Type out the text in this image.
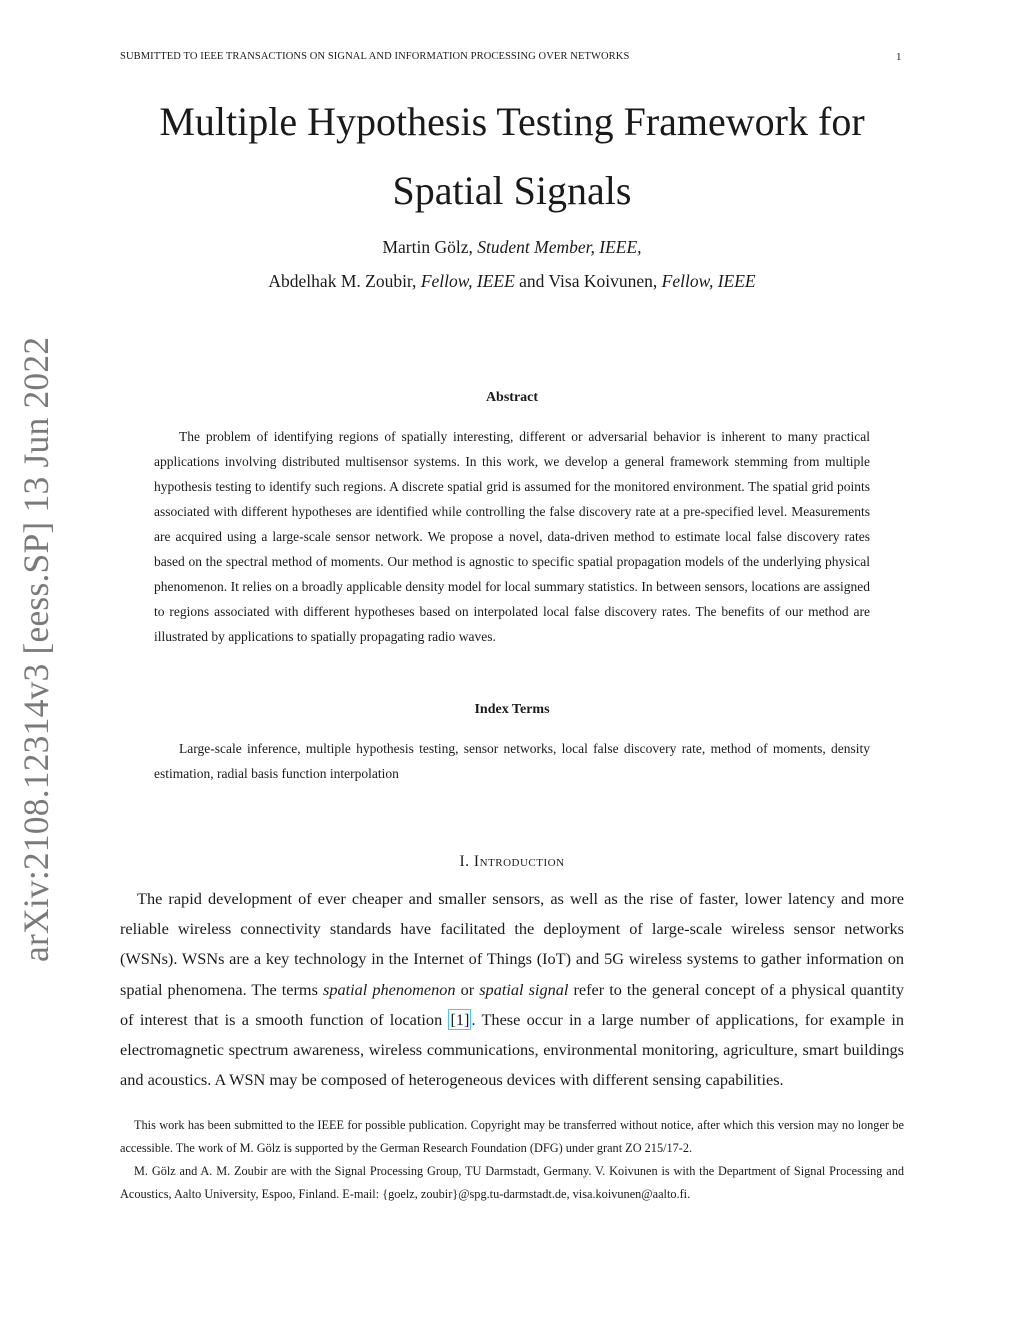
SUBMITTED TO IEEE TRANSACTIONS ON SIGNAL AND INFORMATION PROCESSING OVER NETWORKS	1
Multiple Hypothesis Testing Framework for
Spatial Signals
Martin Gölz, Student Member, IEEE,
Abdelhak M. Zoubir, Fellow, IEEE and Visa Koivunen, Fellow, IEEE
arXiv:2108.12314v3 [eess.SP] 13 Jun 2022	Abstract
The problem of identifying regions of spatially interesting, different or adversarial behavior is inherent to many practical applications involving distributed multisensor systems. In this work, we develop a general framework stemming from multiple hypothesis testing to identify such regions. A discrete spatial grid is assumed for the monitored environment. The spatial grid points associated with different hypotheses are identified while controlling the false discovery rate at a pre-specified level. Measurements are acquired using a large-scale sensor network. We propose a novel, data-driven method to estimate local false discovery rates based on the spectral method of moments. Our method is agnostic to specific spatial propagation models of the underlying physical phenomenon. It relies on a broadly applicable density model for local summary statistics. In between sensors, locations are assigned to regions associated with different hypotheses based on interpolated local false discovery rates. The benefits of our method are illustrated by applications to spatially propagating radio waves.
Index Terms
Large-scale inference, multiple hypothesis testing, sensor networks, local false discovery rate, method of moments, density estimation, radial basis function interpolation
I. Introduction
The rapid development of ever cheaper and smaller sensors, as well as the rise of faster, lower latency and more reliable wireless connectivity standards have facilitated the deployment of large-scale wireless sensor networks (WSNs). WSNs are a key technology in the Internet of Things (IoT) and 5G wireless systems to gather information on spatial phenomena. The terms spatial phenomenon or spatial signal refer to the general concept of a physical quantity of interest that is a smooth function of location [1] . These occur in a large number of applications, for example in electromagnetic spectrum awareness, wireless communications, environmental monitoring, agriculture, smart buildings and acoustics. A WSN may be composed of heterogeneous devices with different sensing capabilities.
This work has been submitted to the IEEE for possible publication. Copyright may be transferred without notice, after which this version may no longer be accessible. The work of M. Gölz is supported by the German Research Foundation (DFG) under grant ZO 215/17-2.
M. Gölz and A. M. Zoubir are with the Signal Processing Group, TU Darmstadt, Germany. V. Koivunen is with the Department of Signal Processing and Acoustics, Aalto University, Espoo, Finland. E-mail: {goelz, zoubir}@spg.tu-darmstadt.de, visa.koivunen@aalto.fi.
